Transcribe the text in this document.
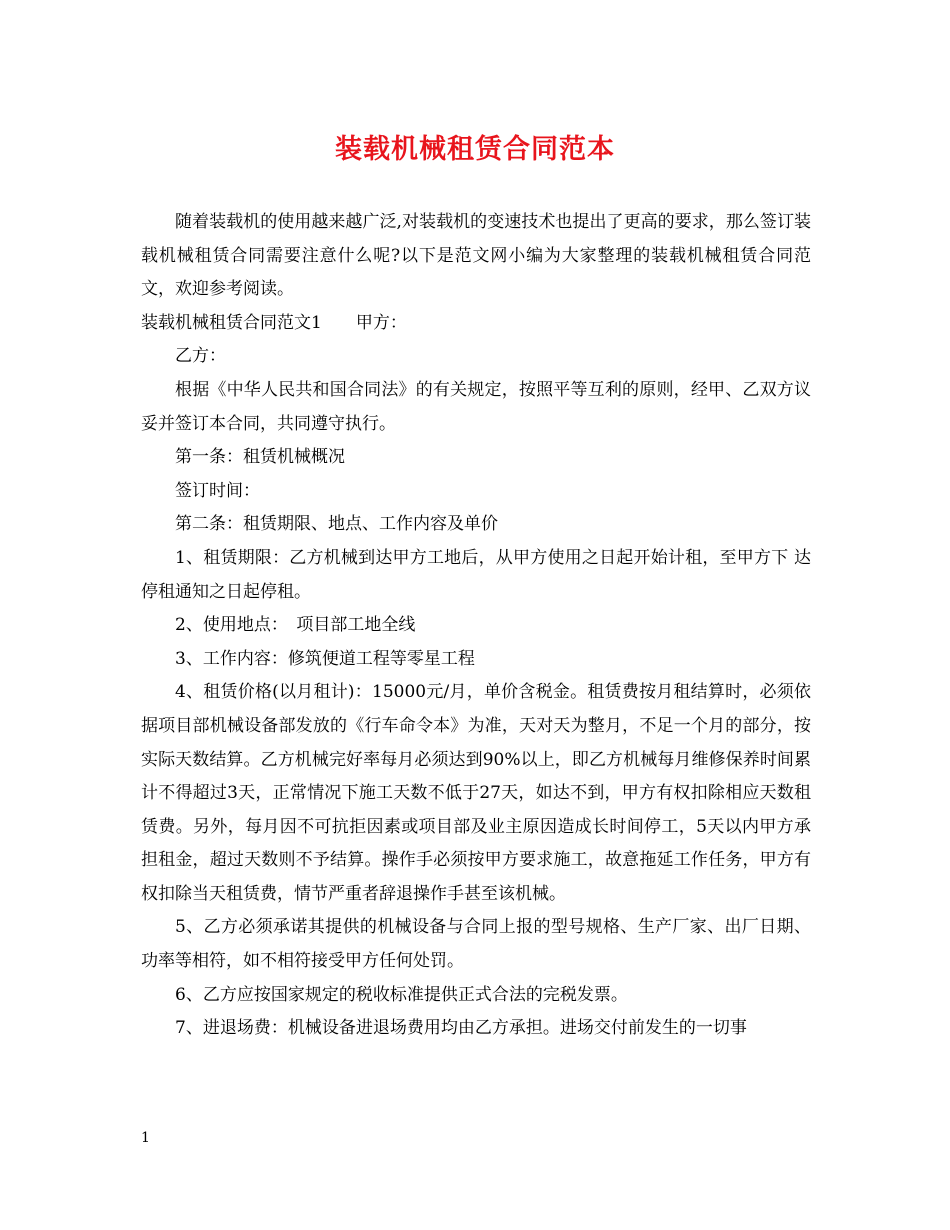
装载机械租赁合同范本

随着装载机的使用越来越广泛,对装载机的变速技术也提出了更高的要求，那么签订装载机械租赁合同需要注意什么呢?以下是范文网小编为大家整理的装载机械租赁合同范文，欢迎参考阅读。

装载机械租赁合同范文1　　甲方：

乙方：

根据《中华人民共和国合同法》的有关规定，按照平等互利的原则，经甲、乙双方议妥并签订本合同，共同遵守执行。

第一条：租赁机械概况

签订时间：

第二条：租赁期限、地点、工作内容及单价

1、租赁期限：乙方机械到达甲方工地后，从甲方使用之日起开始计租，至甲方下 达停租通知之日起停租。

2、使用地点：　项目部工地全线

3、工作内容：修筑便道工程等零星工程

4、租赁价格(以月租计)：15000元/月，单价含税金。租赁费按月租结算时，必须依据项目部机械设备部发放的《行车命令本》为准，天对天为整月，不足一个月的部分，按实际天数结算。乙方机械完好率每月必须达到90%以上，即乙方机械每月维修保养时间累计不得超过3天，正常情况下施工天数不低于27天，如达不到，甲方有权扣除相应天数租赁费。另外，每月因不可抗拒因素或项目部及业主原因造成长时间停工，5天以内甲方承担租金，超过天数则不予结算。操作手必须按甲方要求施工，故意拖延工作任务，甲方有权扣除当天租赁费，情节严重者辞退操作手甚至该机械。

5、乙方必须承诺其提供的机械设备与合同上报的型号规格、生产厂家、出厂日期、功率等相符，如不相符接受甲方任何处罚。

6、乙方应按国家规定的税收标准提供正式合法的完税发票。

7、进退场费：机械设备进退场费用均由乙方承担。进场交付前发生的一切事

1
